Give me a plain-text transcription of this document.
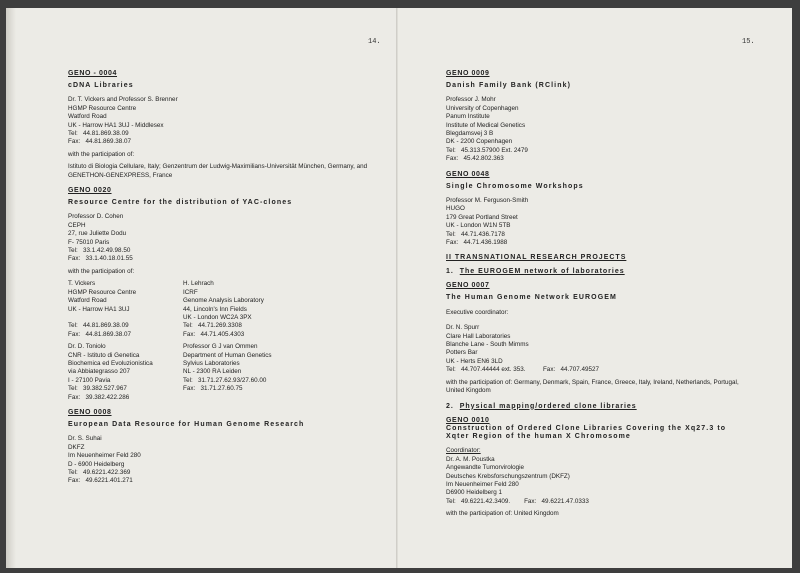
14.

GENO - 0004

cDNA Libraries

Dr. T. Vickers and Professor S. Brenner
HGMP Resource Centre
Watford Road
UK - Harrow HA1 3UJ - Middlesex
Tel:   44.81.869.38.09
Fax:   44.81.869.38.07

with the participation of:

Istituto di Biologia Cellulare, Italy; Genzentrum der Ludwig-Maximilians-Universität München, Germany, and GENETHON-GENEXPRESS, France

GENO 0020

Resource Centre for the distribution of YAC-clones

Professor D. Cohen
CEPH
27, rue Juliette Dodu
F- 75010 Paris
Tel:   33.1.42.49.98.50
Fax:   33.1.40.18.01.55

with the participation of:

T. Vickers
HGMP Resource Centre
Watford Road
UK - Harrow HA1 3UJ

Tel:   44.81.869.38.09
Fax:   44.81.869.38.07

H. Lehrach
ICRF
Genome Analysis Laboratory
44, Lincoln's Inn Fields
UK - London WC2A 3PX
Tel:   44.71.269.3308
Fax:   44.71.405.4303

Dr. D. Toniolo
CNR - Istituto di Genetica
Biochemica ed Evoluzionistica
via Abbiategrasso 207
I - 27100 Pavia
Tel:   39.382.527.967
Fax:   39.382.422.286

Professor G J van Ommen
Department of Human Genetics
Sylvius Laboratories
NL - 2300 RA Leiden
Tel:   31.71.27.62.93/27.60.00
Fax:   31.71.27.60.75

GENO 0008

European Data Resource for Human Genome Research

Dr. S. Suhai
DKFZ
Im Neuenheimer Feld 280
D - 6900 Heidelberg
Tel:   49.6221.422.369
Fax:   49.6221.401.271

15.

GENO 0009

Danish Family Bank (RClink)

Professor J. Mohr
University of Copenhagen
Panum Institute
Institute of Medical Genetics
Blegdamsvej 3 B
DK - 2200 Copenhagen
Tel:   45.313.57900 Ext. 2479
Fax:   45.42.802.363

GENO 0048

Single Chromosome Workshops

Professor M. Ferguson-Smith
HUGO
179 Great Portland Street
UK - London W1N 5TB
Tel:   44.71.436.7178
Fax:   44.71.436.1988

II TRANSNATIONAL RESEARCH PROJECTS

1. The EUROGEM network of laboratories

GENO 0007

The Human Genome Network EUROGEM

Executive coordinator:

Dr. N. Spurr
Clare Hall Laboratories
Blanche Lane - South Mimms
Potters Bar
UK - Herts EN6 3LD
Tel:   44.707.44444 ext. 353.          Fax:   44.707.49527

with the participation of: Germany, Denmark, Spain, France, Greece, Italy, Ireland, Netherlands, Portugal, United Kingdom

2. Physical mapping/ordered clone libraries

GENO 0010

Construction of Ordered Clone Libraries Covering the Xq27.3 to Xqter Region of the human X Chromosome

Coordinator:

Dr. A. M. Poustka
Angewandte Tumorvirologie
Deutsches Krebsforschungszentrum (DKFZ)
Im Neuenheimer Feld 280
D6900 Heidelberg 1
Tel:   49.6221.42.3409.        Fax:   49.6221.47.0333

with the participation of: United Kingdom
